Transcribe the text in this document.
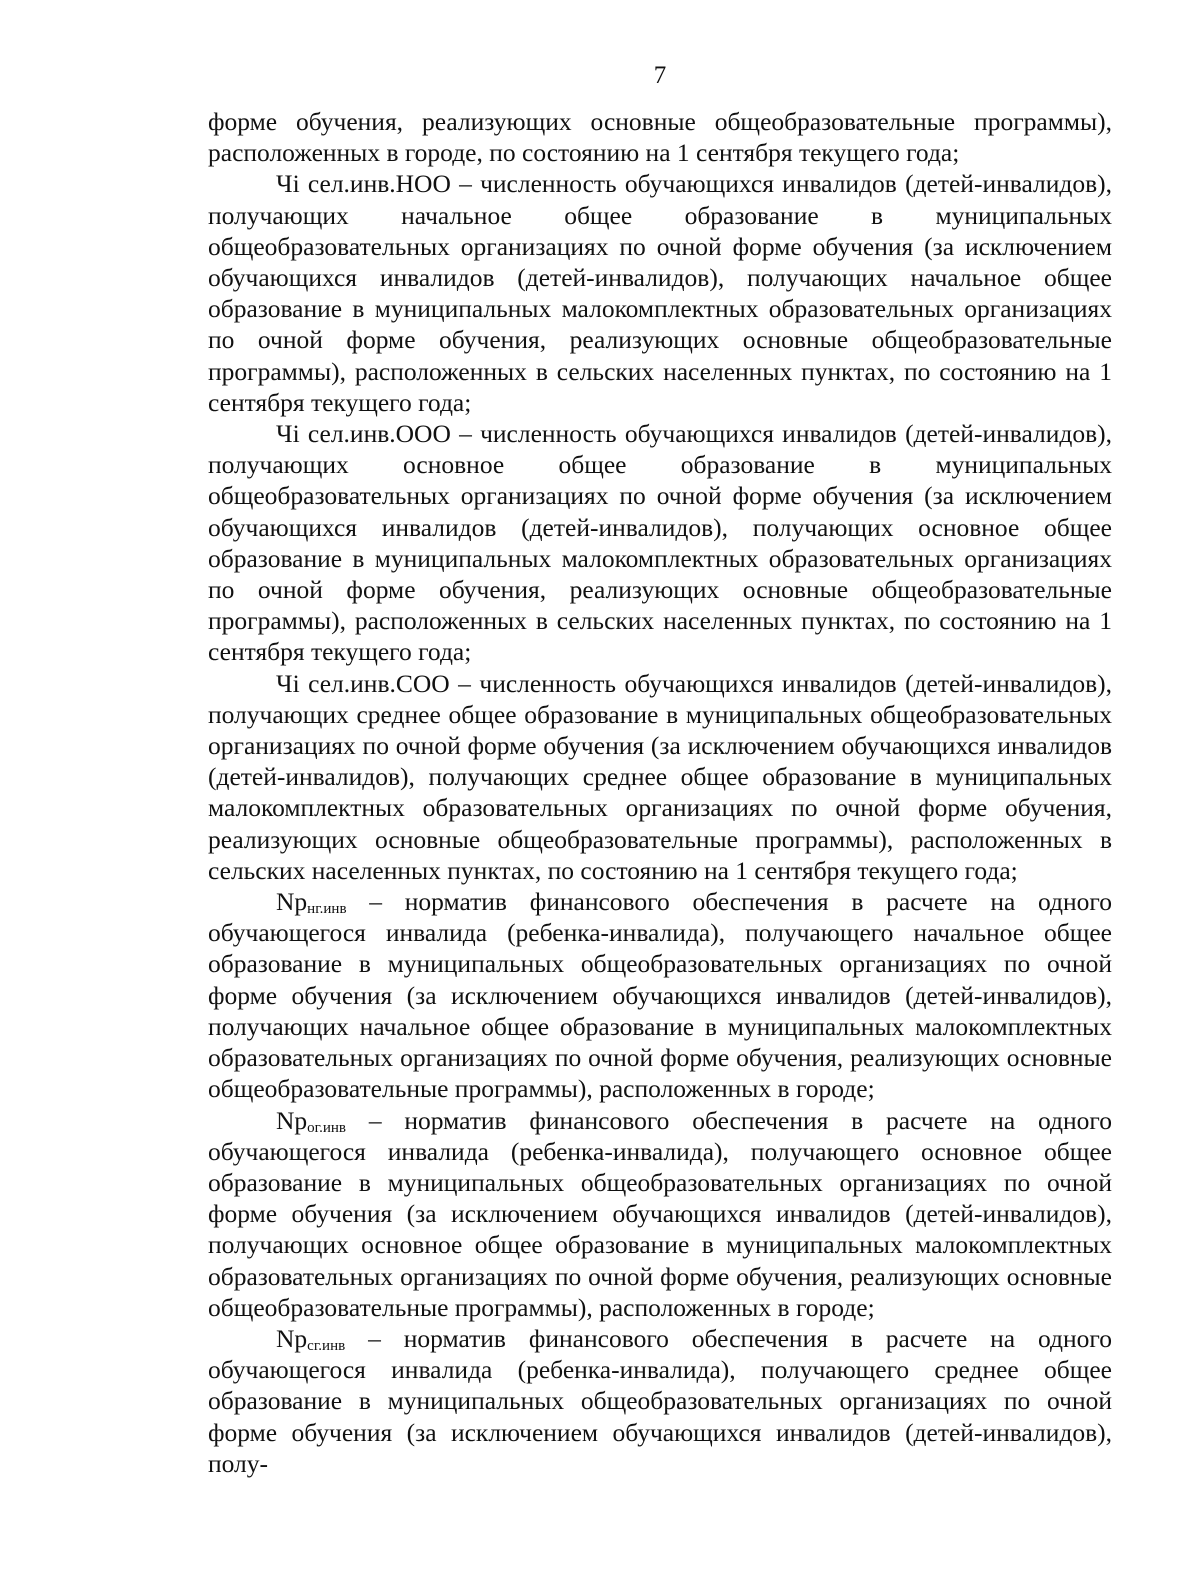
7

форме обучения, реализующих основные общеобразовательные программы), расположенных в городе, по состоянию на 1 сентября текущего года;

Чi сел.инв.НОО – численность обучающихся инвалидов (детей-инвалидов), получающих начальное общее образование в муниципальных общеобразовательных организациях по очной форме обучения (за исключением обучающихся инвалидов (детей-инвалидов), получающих начальное общее образование в муниципальных малокомплектных образовательных организациях по очной форме обучения, реализующих основные общеобразовательные программы), расположенных в сельских населенных пунктах, по состоянию на 1 сентября текущего года;

Чi сел.инв.ООО – численность обучающихся инвалидов (детей-инвалидов), получающих основное общее образование в муниципальных общеобразовательных организациях по очной форме обучения (за исключением обучающихся инвалидов (детей-инвалидов), получающих основное общее образование в муниципальных малокомплектных образовательных организациях по очной форме обучения, реализующих основные общеобразовательные программы), расположенных в сельских населенных пунктах, по состоянию на 1 сентября текущего года;

Чi сел.инв.СОО – численность обучающихся инвалидов (детей-инвалидов), получающих среднее общее образование в муниципальных общеобразовательных организациях по очной форме обучения (за исключением обучающихся инвалидов (детей-инвалидов), получающих среднее общее образование в муниципальных малокомплектных образовательных организациях по очной форме обучения, реализующих основные общеобразовательные программы), расположенных в сельских населенных пунктах, по состоянию на 1 сентября текущего года;

$Np_{нг.инв}$ – норматив финансового обеспечения в расчете на одного обучающегося инвалида (ребенка-инвалида), получающего начальное общее образование в муниципальных общеобразовательных организациях по очной форме обучения (за исключением обучающихся инвалидов (детей-инвалидов), получающих начальное общее образование в муниципальных малокомплектных образовательных организациях по очной форме обучения, реализующих основные общеобразовательные программы), расположенных в городе;

$Np_{ог.инв}$ – норматив финансового обеспечения в расчете на одного обучающегося инвалида (ребенка-инвалида), получающего основное общее образование в муниципальных общеобразовательных организациях по очной форме обучения (за исключением обучающихся инвалидов (детей-инвалидов), получающих основное общее образование в муниципальных малокомплектных образовательных организациях по очной форме обучения, реализующих основные общеобразовательные программы), расположенных в городе;

$Np_{сг.инв}$ – норматив финансового обеспечения в расчете на одного обучающегося инвалида (ребенка-инвалида), получающего среднее общее образование в муниципальных общеобразовательных организациях по очной форме обучения (за исключением обучающихся инвалидов (детей-инвалидов), полу-
